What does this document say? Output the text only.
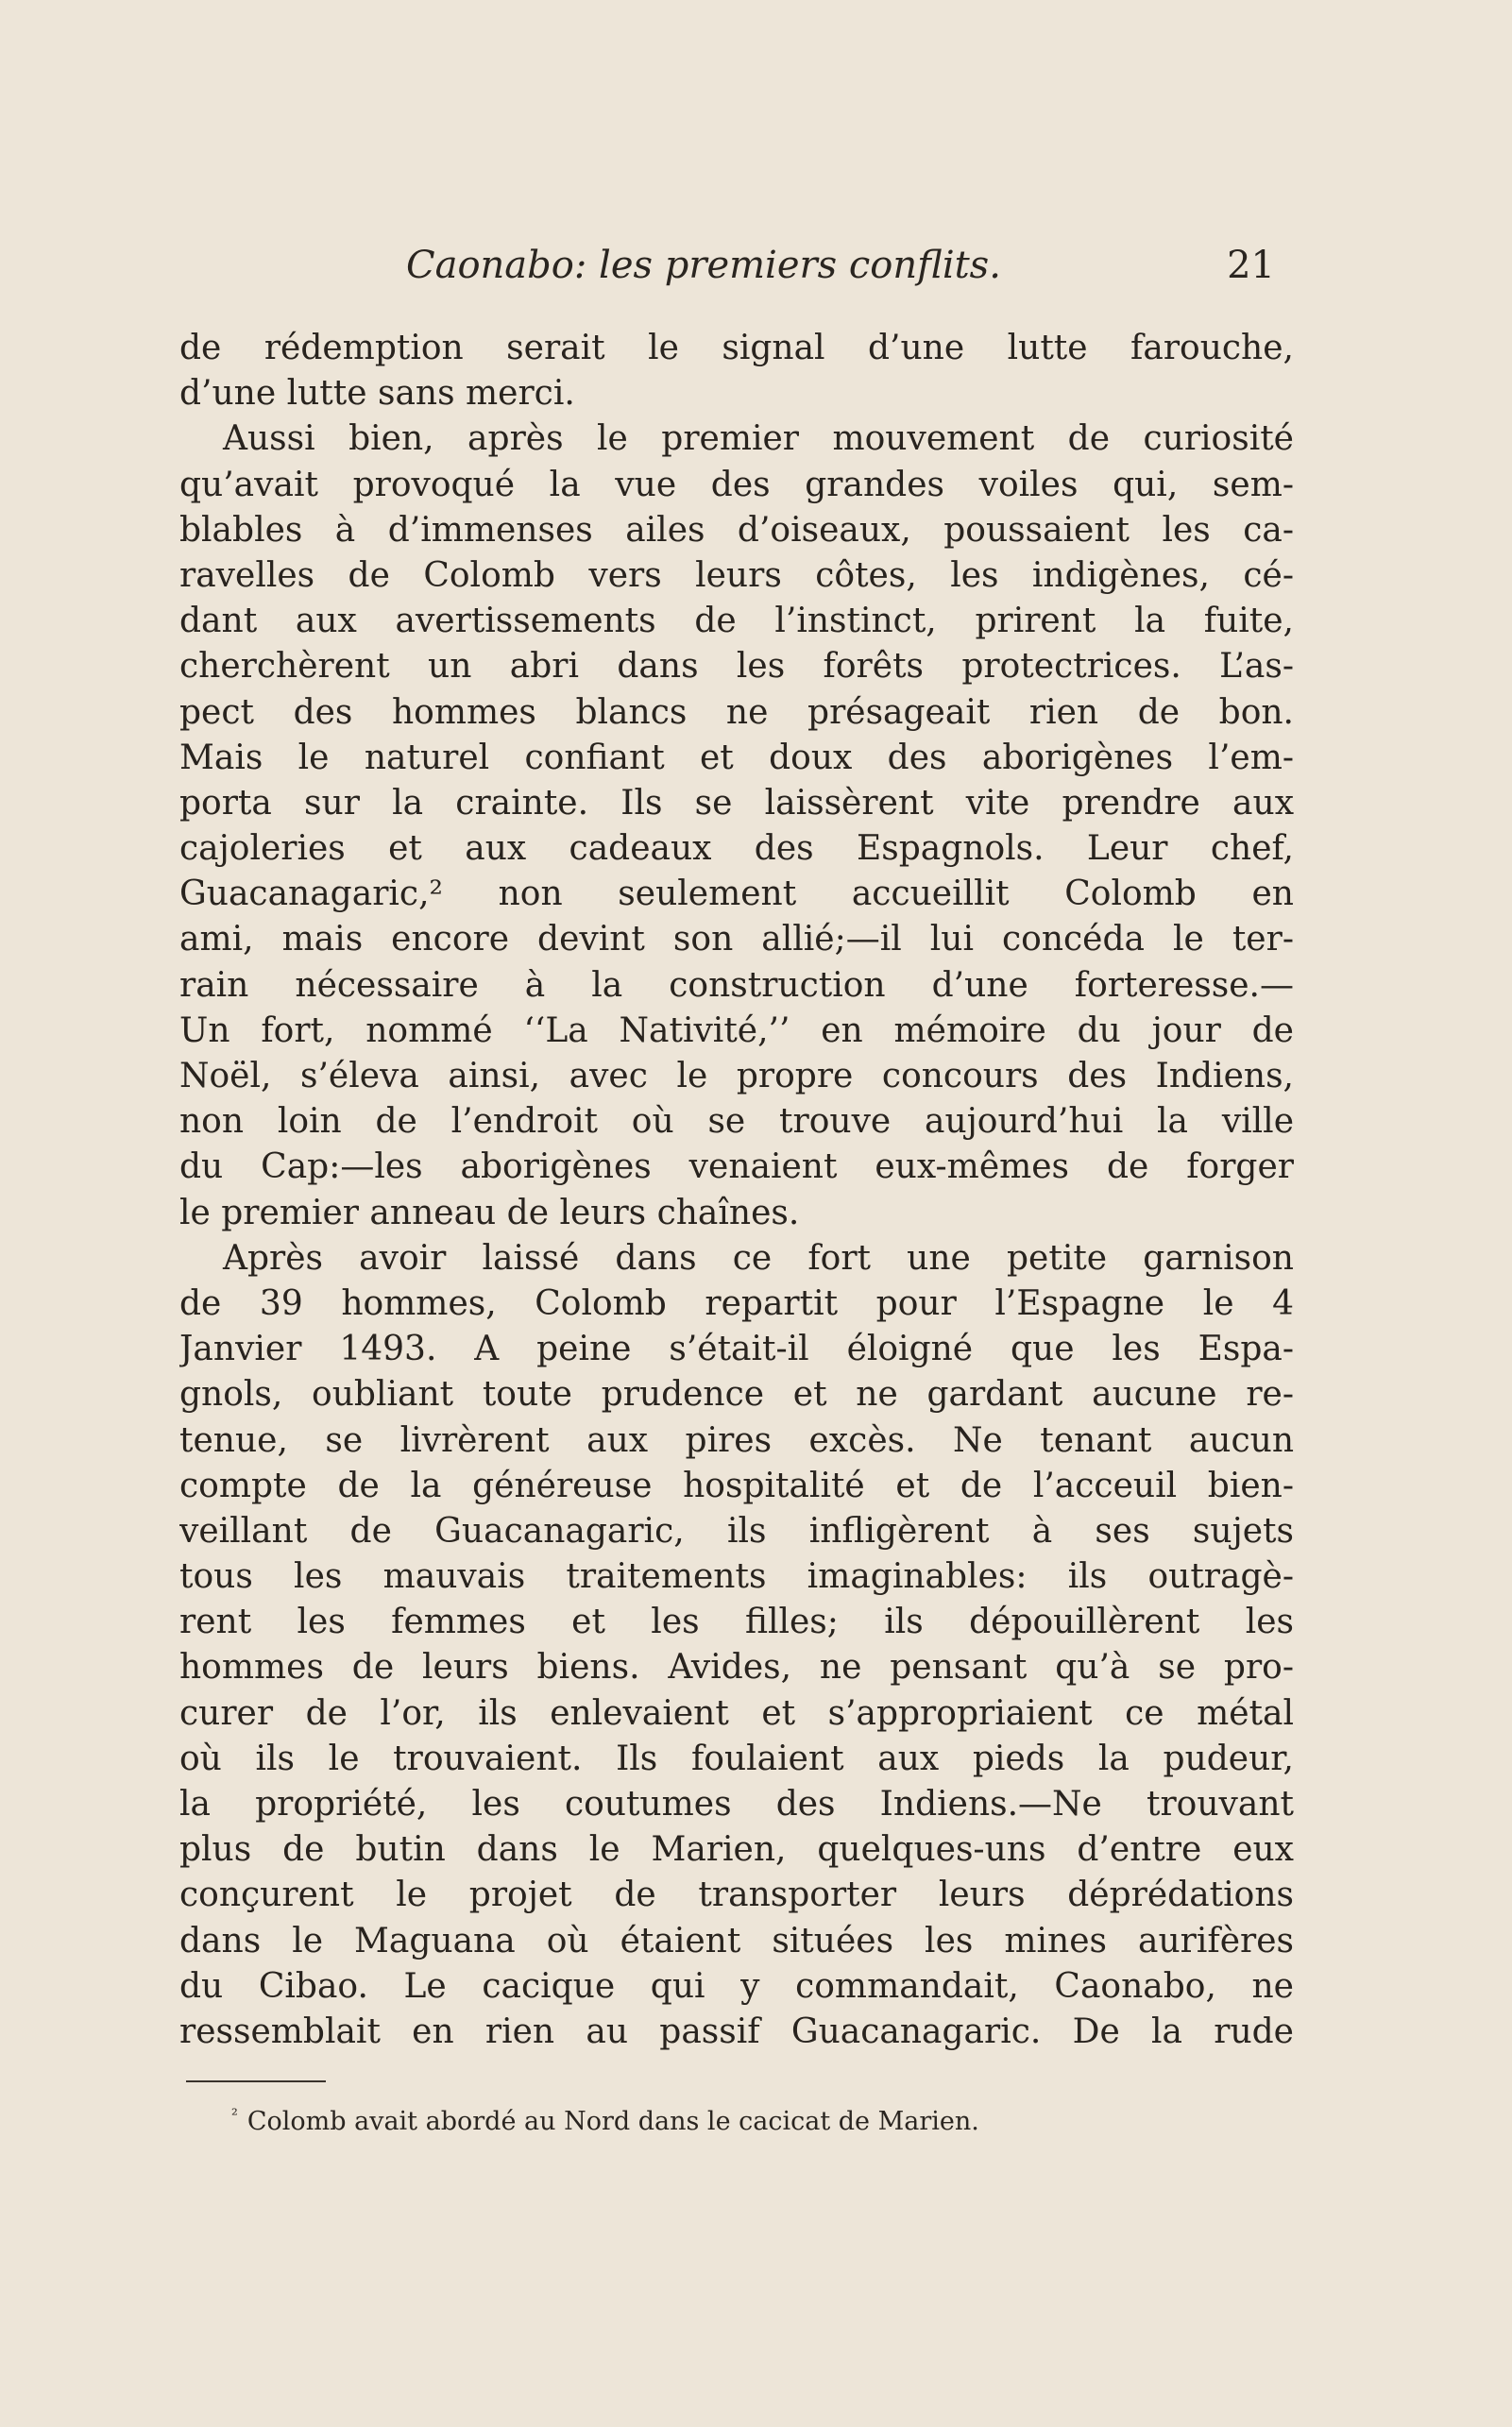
Caonabo: les premiers conflits.	21
de rédemption serait le signal d’une lutte farouche,
d’une lutte sans merci.
Aussi bien, après le premier mouvement de curiosité
qu’avait provoqué la vue des grandes voiles qui, sem-
blables à d’immenses ailes d’oiseaux, poussaient les ca-
ravelles de Colomb vers leurs côtes, les indigènes, cé-
dant aux avertissements de l’instinct, prirent la fuite,
cherchèrent un abri dans les forêts protectrices. L’as-
pect des hommes blancs ne présageait rien de bon.
Mais le naturel confiant et doux des aborigènes l’em-
porta sur la crainte. Ils se laissèrent vite prendre aux
cajoleries et aux cadeaux des Espagnols. Leur chef,
Guacanagaric,² non seulement accueillit Colomb en
ami, mais encore devint son allié;—il lui concéda le ter-
rain nécessaire à la construction d’une forteresse.—
Un fort, nommé ‘‘La Nativité,’’ en mémoire du jour de
Noël, s’éleva ainsi, avec le propre concours des Indiens,
non loin de l’endroit où se trouve aujourd’hui la ville
du Cap:—les aborigènes venaient eux-mêmes de forger
le premier anneau de leurs chaînes.
Après avoir laissé dans ce fort une petite garnison
de 39 hommes, Colomb repartit pour l’Espagne le 4
Janvier 1493. A peine s’était-il éloigné que les Espa-
gnols, oubliant toute prudence et ne gardant aucune re-
tenue, se livrèrent aux pires excès. Ne tenant aucun
compte de la généreuse hospitalité et de l’acceuil bien-
veillant de Guacanagaric, ils infligèrent à ses sujets
tous les mauvais traitements imaginables: ils outragè-
rent les femmes et les filles; ils dépouillèrent les
hommes de leurs biens. Avides, ne pensant qu’à se pro-
curer de l’or, ils enlevaient et s’appropriaient ce métal
où ils le trouvaient. Ils foulaient aux pieds la pudeur,
la propriété, les coutumes des Indiens.—Ne trouvant
plus de butin dans le Marien, quelques-uns d’entre eux
conçurent le projet de transporter leurs déprédations
dans le Maguana où étaient situées les mines aurifères
du Cibao. Le cacique qui y commandait, Caonabo, ne
ressemblait en rien au passif Guacanagaric. De la rude
$^{^2}$ Colomb avait abordé au Nord dans le cacicat de Marien.
